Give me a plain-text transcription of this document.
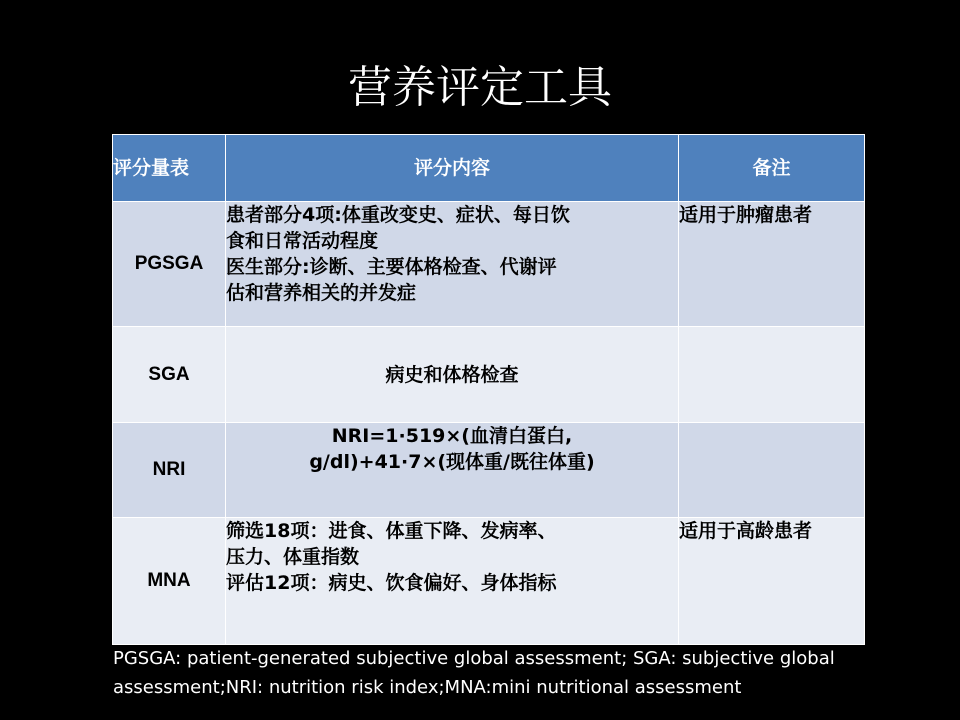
营养评定工具
评分量表	评分内容	备注
PGSGA	患者部分4项:体重改变史、症状、每日饮
食和日常活动程度
医生部分:诊断、主要体格检查、代谢评
估和营养相关的并发症	适用于肿瘤患者
SGA	病史和体格检查	

NRI	NRI=1·519×(血清白蛋白,
g/dl)+41·7×(现体重/既往体重)	

MNA	筛选18项：进食、体重下降、发病率、
压力、体重指数
评估12项：病史、饮食偏好、身体指标	适用于高龄患者
PGSGA: patient-generated subjective global assessment; SGA: subjective global assessment;NRI: nutrition risk index;MNA:mini nutritional assessment
